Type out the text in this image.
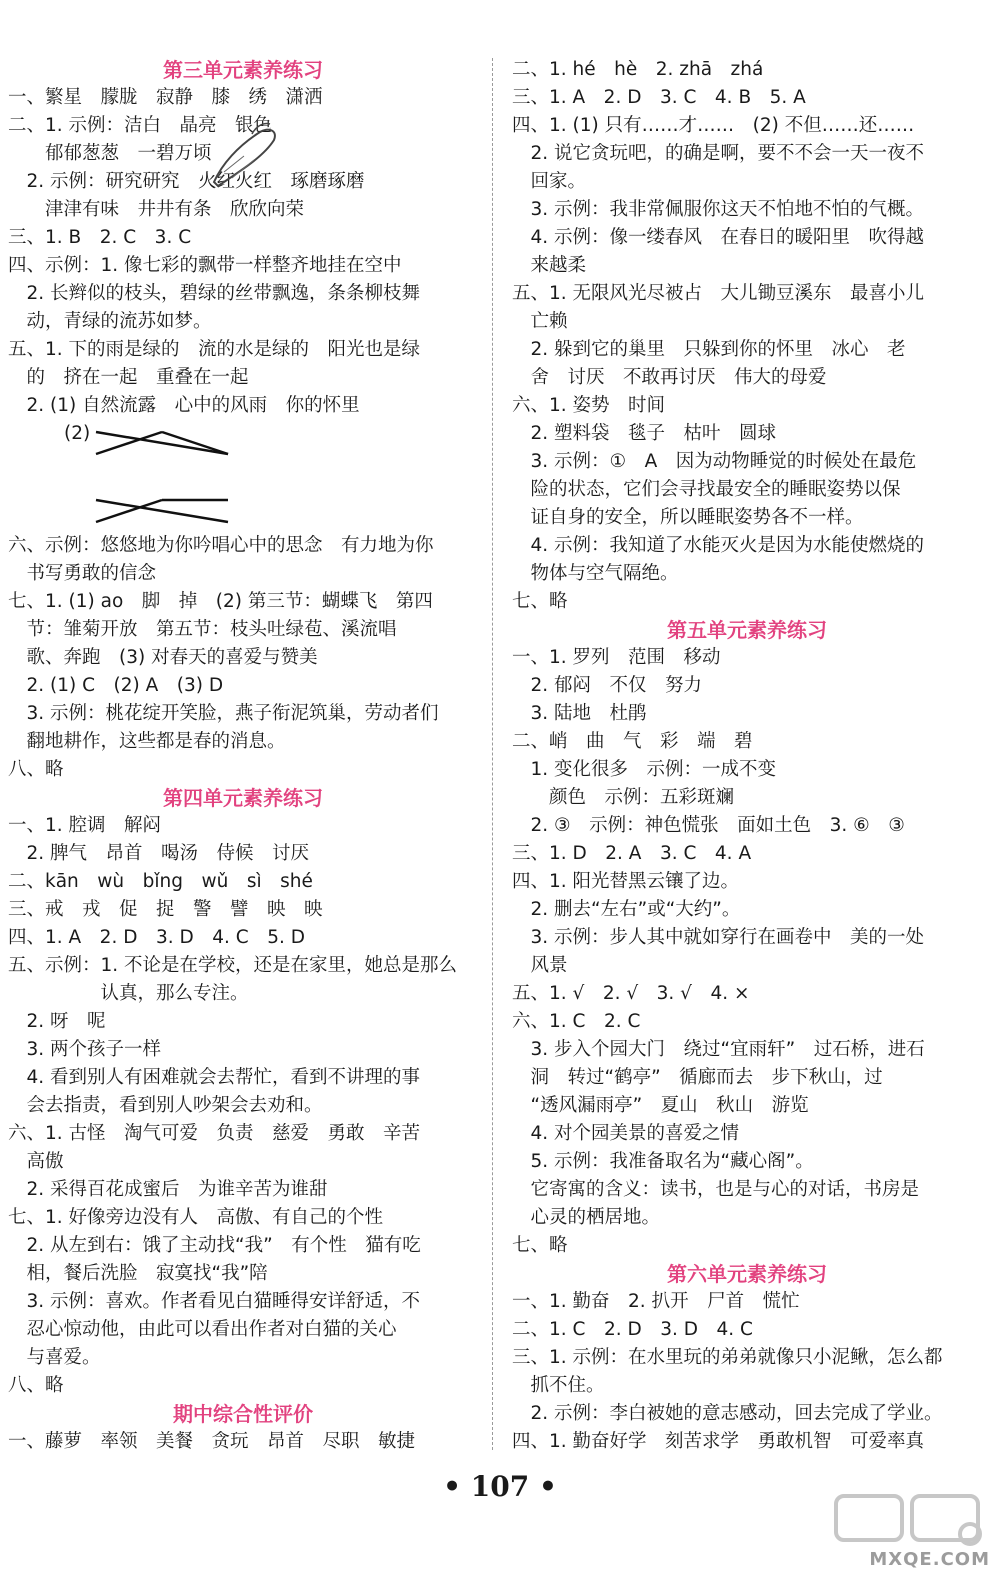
第三单元素养练习
一、繁星　朦胧　寂静　膝　绣　潇洒
二、1. 示例：洁白　晶亮　银色
　　郁郁葱葱　一碧万顷
　2. 示例：研究研究　火红火红　琢磨琢磨
　　津津有味　井井有条　欣欣向荣
三、1. B　2. C　3. C
四、示例：1. 像七彩的飘带一样整齐地挂在空中
　2. 长辫似的枝头，碧绿的丝带飘逸，条条柳枝舞
　动，青绿的流苏如梦。
五、1. 下的雨是绿的　流的水是绿的　阳光也是绿
　的　挤在一起　重叠在一起
　2. (1) 自然流露　心中的风雨　你的怀里
(2)
六、示例：悠悠地为你吟唱心中的思念　有力地为你
　书写勇敢的信念
七、1. (1) ao　脚　掉　(2) 第三节：蝴蝶飞　第四
　节：雏菊开放　第五节：枝头吐绿苞、溪流唱
　歌、奔跑　(3) 对春天的喜爱与赞美
　2. (1) C　(2) A　(3) D
　3. 示例：桃花绽开笑脸，燕子衔泥筑巢，劳动者们
　翻地耕作，这些都是春的消息。
八、略
第四单元素养练习
一、1. 腔调　解闷
　2. 脾气　昂首　喝汤　侍候　讨厌
二、kān　wù　bǐng　wǔ　sì　shé
三、戒　戎　促　捉　警　譬　映　映
四、1. A　2. D　3. D　4. C　5. D
五、示例：1. 不论是在学校，还是在家里，她总是那么
　　　　　认真，那么专注。
　2. 呀　呢
　3. 两个孩子一样
　4. 看到别人有困难就会去帮忙，看到不讲理的事
　会去指责，看到别人吵架会去劝和。
六、1. 古怪　淘气可爱　负责　慈爱　勇敢　辛苦
　高傲
　2. 采得百花成蜜后　为谁辛苦为谁甜
七、1. 好像旁边没有人　高傲、有自己的个性
　2. 从左到右：饿了主动找“我”　有个性　猫有吃
　相，餐后洗脸　寂寞找“我”陪
　3. 示例：喜欢。作者看见白猫睡得安详舒适，不
　忍心惊动他，由此可以看出作者对白猫的关心
　与喜爱。
八、略
期中综合性评价
一、藤萝　率领　美餐　贪玩　昂首　尽职　敏捷
二、1. hé　hè　2. zhā　zhá
三、1. A　2. D　3. C　4. B　5. A
四、1. (1) 只有……才……　(2) 不但……还……
　2. 说它贪玩吧，的确是啊，要不不会一天一夜不
　回家。
　3. 示例：我非常佩服你这天不怕地不怕的气概。
　4. 示例：像一缕春风　在春日的暖阳里　吹得越
　来越柔
五、1. 无限风光尽被占　大儿锄豆溪东　最喜小儿
　亡赖
　2. 躲到它的巢里　只躲到你的怀里　冰心　老
　舍　讨厌　不敢再讨厌　伟大的母爱
六、1. 姿势　时间
　2. 塑料袋　毯子　枯叶　圆球
　3. 示例：①　A　因为动物睡觉的时候处在最危
　险的状态，它们会寻找最安全的睡眠姿势以保
　证自身的安全，所以睡眠姿势各不一样。
　4. 示例：我知道了水能灭火是因为水能使燃烧的
　物体与空气隔绝。
七、略
第五单元素养练习
一、1. 罗列　范围　移动
　2. 郁闷　不仅　努力
　3. 陆地　杜鹃
二、峭　曲　气　彩　端　碧
　1. 变化很多　示例：一成不变
　　颜色　示例：五彩斑斓
　2. ③　示例：神色慌张　面如土色　3. ⑥　③
三、1. D　2. A　3. C　4. A
四、1. 阳光替黑云镶了边。
　2. 删去“左右”或“大约”。
　3. 示例：步人其中就如穿行在画卷中　美的一处
　风景
五、1. √　2. √　3. √　4. ×
六、1. C　2. C
　3. 步入个园大门　绕过“宜雨轩”　过石桥，进石
　洞　转过“鹤亭”　循廊而去　步下秋山，过
　“透风漏雨亭”　夏山　秋山　游览
　4. 对个园美景的喜爱之情
　5. 示例：我准备取名为“藏心阁”。
　它寄寓的含义：读书，也是与心的对话，书房是
　心灵的栖居地。
七、略
第六单元素养练习
一、1. 勤奋　2. 扒开　尸首　慌忙
二、1. C　2. D　3. D　4. C
三、1. 示例：在水里玩的弟弟就像只小泥鳅，怎么都
　抓不住。
　2. 示例：李白被她的意志感动，回去完成了学业。
四、1. 勤奋好学　刻苦求学　勇敢机智　可爱率真
• 107 •
MXQE.COM
